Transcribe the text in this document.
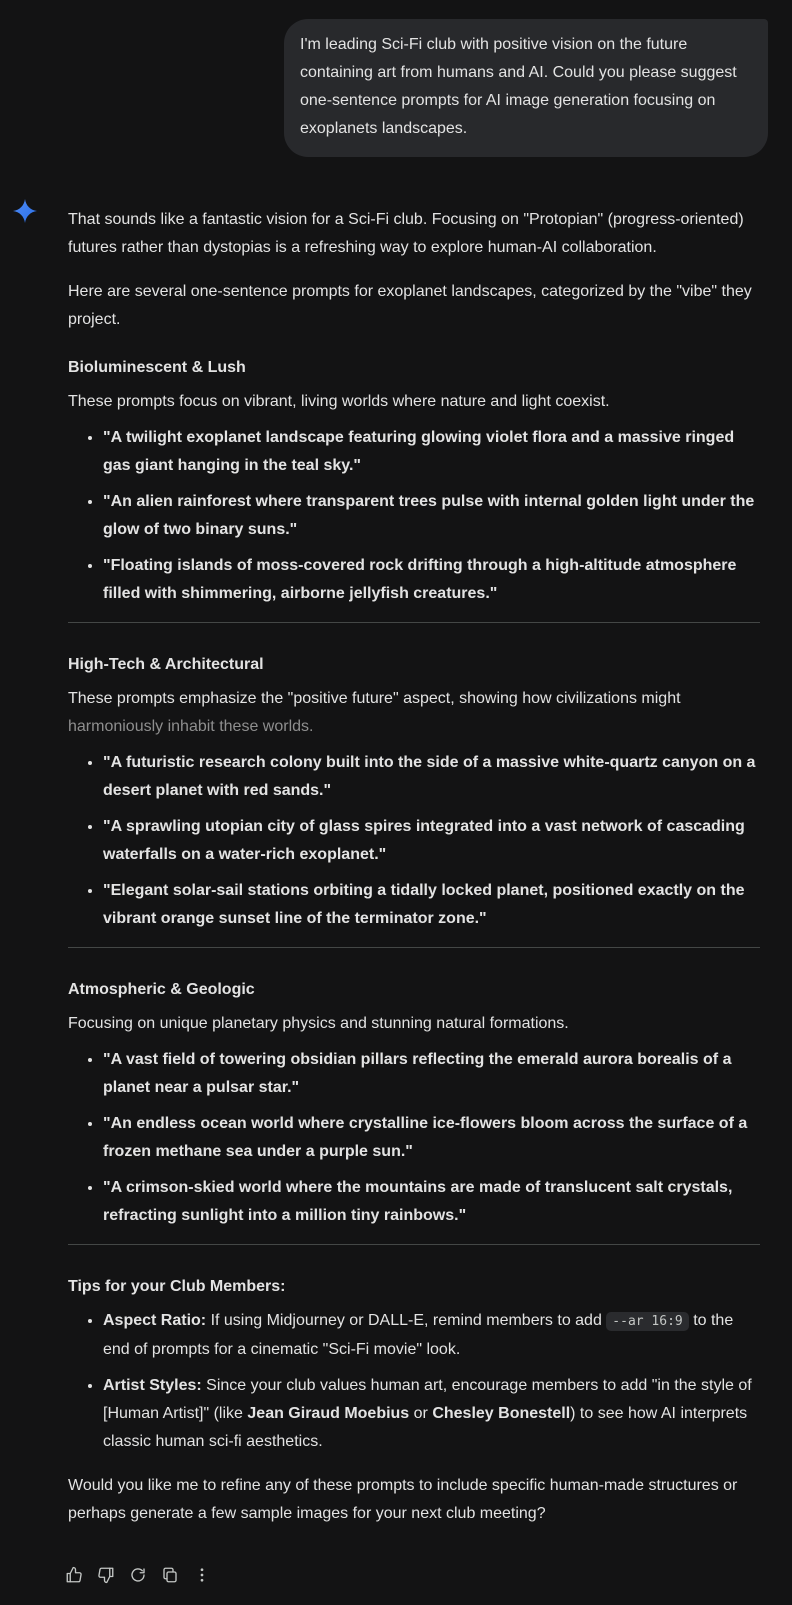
I'm leading Sci-Fi club with positive vision on the future containing art from humans and AI. Could you please suggest one-sentence prompts for AI image generation focusing on exoplanets landscapes.

That sounds like a fantastic vision for a Sci-Fi club. Focusing on "Protopian" (progress-oriented) futures rather than dystopias is a refreshing way to explore human-AI collaboration.

Here are several one-sentence prompts for exoplanet landscapes, categorized by the "vibe" they project.

Bioluminescent & Lush

These prompts focus on vibrant, living worlds where nature and light coexist.

• "A twilight exoplanet landscape featuring glowing violet flora and a massive ringed gas giant hanging in the teal sky."
• "An alien rainforest where transparent trees pulse with internal golden light under the glow of two binary suns."
• "Floating islands of moss-covered rock drifting through a high-altitude atmosphere filled with shimmering, airborne jellyfish creatures."
High-Tech & Architectural

These prompts emphasize the "positive future" aspect, showing how civilizations might harmoniously inhabit these worlds.

• "A futuristic research colony built into the side of a massive white-quartz canyon on a desert planet with red sands."
• "A sprawling utopian city of glass spires integrated into a vast network of cascading waterfalls on a water-rich exoplanet."
• "Elegant solar-sail stations orbiting a tidally locked planet, positioned exactly on the vibrant orange sunset line of the terminator zone."
Atmospheric & Geologic

Focusing on unique planetary physics and stunning natural formations.

• "A vast field of towering obsidian pillars reflecting the emerald aurora borealis of a planet near a pulsar star."
• "An endless ocean world where crystalline ice-flowers bloom across the surface of a frozen methane sea under a purple sun."
• "A crimson-skied world where the mountains are made of translucent salt crystals, refracting sunlight into a million tiny rainbows."
Tips for your Club Members:
• Aspect Ratio: If using Midjourney or DALL-E, remind members to add --ar 16:9 to the end of prompts for a cinematic "Sci-Fi movie" look.
• Artist Styles: Since your club values human art, encourage members to add "in the style of [Human Artist]" (like Jean Giraud Moebius or Chesley Bonestell) to see how AI interprets classic human sci-fi aesthetics.

Would you like me to refine any of these prompts to include specific human-made structures or perhaps generate a few sample images for your next club meeting?
